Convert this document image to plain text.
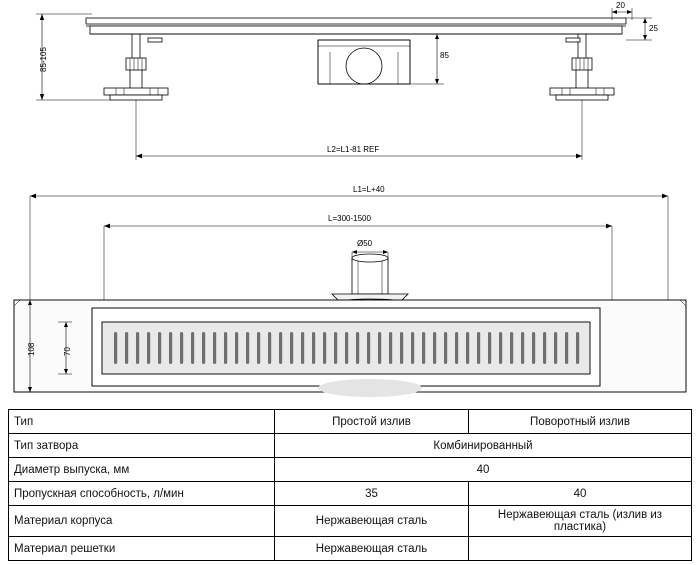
85-105
20
25
85
L2=L1-81 REF
L1=L+40
L=300-1500
Ø50
108	70
Тип	Простой излив	Поворотный излив
Тип затвора	Комбинированный	
Диаметр выпуска, мм	40	
Пропускная способность, л/мин	35	40
Материал корпуса	Нержавеющая сталь	Нержавеющая сталь (излив из пластика)
Материал решетки	Нержавеющая сталь	
